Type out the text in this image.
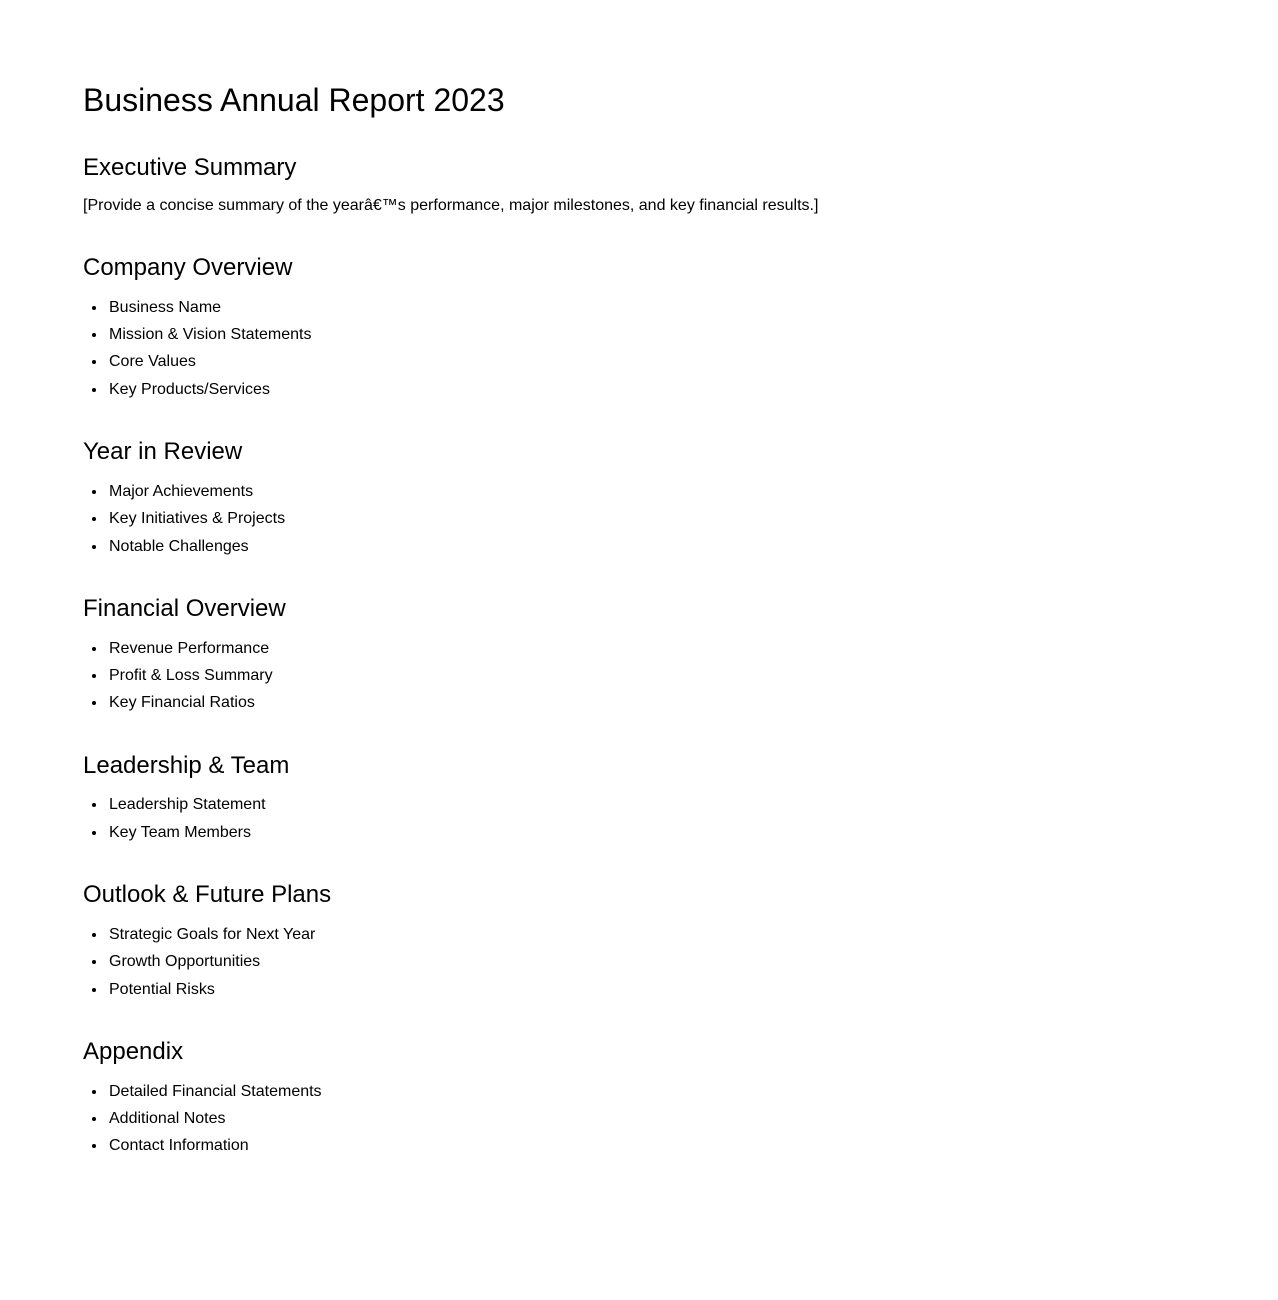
Business Annual Report 2023
Executive Summary

[Provide a concise summary of the yearâ€™s performance, major milestones, and key financial results.]

Company Overview
• Business Name
• Mission & Vision Statements
• Core Values
• Key Products/Services
Year in Review
• Major Achievements
• Key Initiatives & Projects
• Notable Challenges
Financial Overview
• Revenue Performance
• Profit & Loss Summary
• Key Financial Ratios
Leadership & Team
• Leadership Statement
• Key Team Members
Outlook & Future Plans
• Strategic Goals for Next Year
• Growth Opportunities
• Potential Risks
Appendix
• Detailed Financial Statements
• Additional Notes
• Contact Information
